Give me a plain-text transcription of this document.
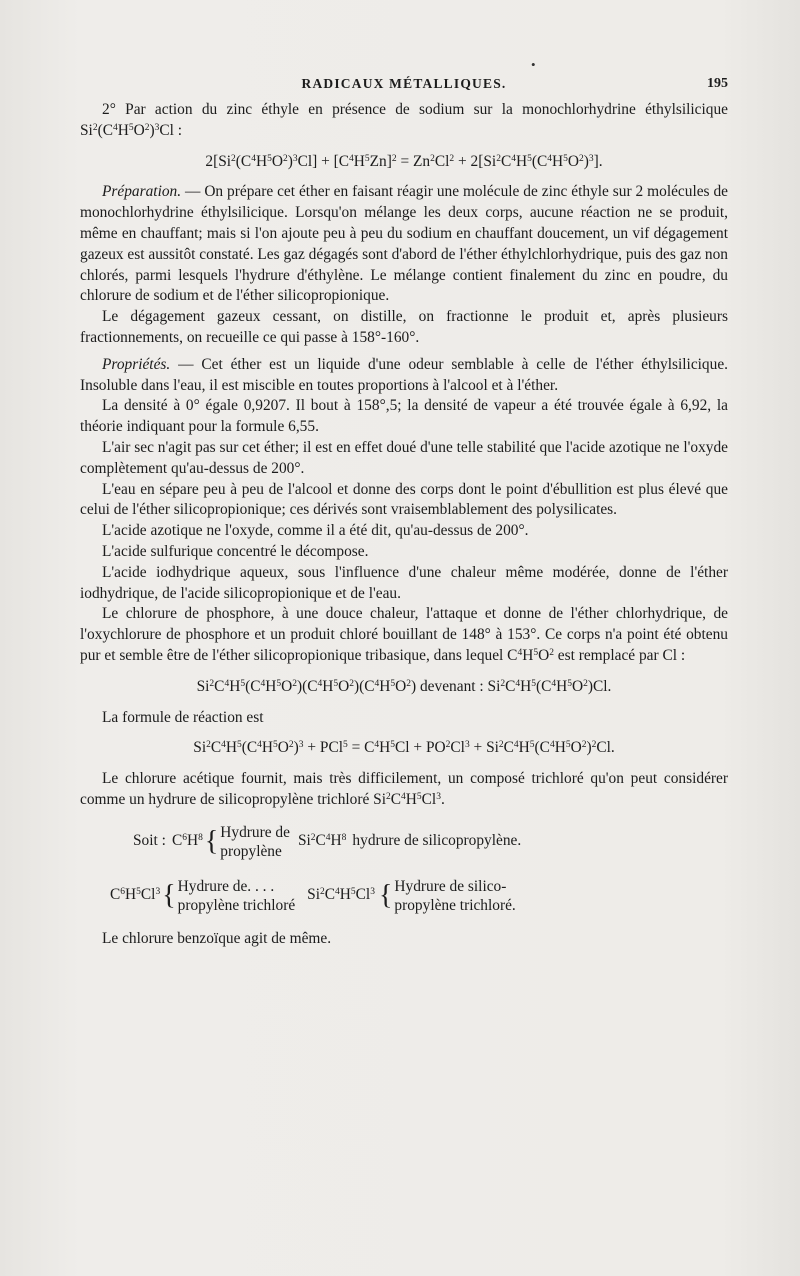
•
RADICAUX MÉTALLIQUES.	195

2° Par action du zinc éthyle en présence de sodium sur la monochlorhydrine éthylsilicique $Si^2(C^4H^5O^2)^3Cl$ :

$2[Si^2(C^4H^5O^2)^3Cl] + [C^4H^5Zn]^2 = Zn^2Cl^2 + 2[Si^2C^4H^5(C^4H^5O^2)^3]$.

Préparation. — On prépare cet éther en faisant réagir une molécule de zinc éthyle sur 2 molécules de monochlorhydrine éthylsilicique. Lorsqu'on mélange les deux corps, aucune réaction ne se produit, même en chauffant; mais si l'on ajoute peu à peu du sodium en chauffant doucement, un vif dégagement gazeux est aussitôt constaté. Les gaz dégagés sont d'abord de l'éther éthylchlorhydrique, puis des gaz non chlorés, parmi lesquels l'hydrure d'éthylène. Le mélange contient finalement du zinc en poudre, du chlorure de sodium et de l'éther silicopropionique.

Le dégagement gazeux cessant, on distille, on fractionne le produit et, après plusieurs fractionnements, on recueille ce qui passe à 158°-160°.

Propriétés. — Cet éther est un liquide d'une odeur semblable à celle de l'éther éthylsilicique. Insoluble dans l'eau, il est miscible en toutes proportions à l'alcool et à l'éther.

La densité à 0° égale 0,9207. Il bout à 158°,5; la densité de vapeur a été trouvée égale à 6,92, la théorie indiquant pour la formule 6,55.

L'air sec n'agit pas sur cet éther; il est en effet doué d'une telle stabilité que l'acide azotique ne l'oxyde complètement qu'au-dessus de 200°.

L'eau en sépare peu à peu de l'alcool et donne des corps dont le point d'ébullition est plus élevé que celui de l'éther silicopropionique; ces dérivés sont vraisemblablement des polysilicates.

L'acide azotique ne l'oxyde, comme il a été dit, qu'au-dessus de 200°.

L'acide sulfurique concentré le décompose.

L'acide iodhydrique aqueux, sous l'influence d'une chaleur même modérée, donne de l'éther iodhydrique, de l'acide silicopropionique et de l'eau.

Le chlorure de phosphore, à une douce chaleur, l'attaque et donne de l'éther chlorhydrique, de l'oxychlorure de phosphore et un produit chloré bouillant de 148° à 153°. Ce corps n'a point été obtenu pur et semble être de l'éther silicopropionique tribasique, dans lequel $C^4H^5O^2$ est remplacé par Cl :

$Si^2C^4H^5(C^4H^5O^2)(C^4H^5O^2)(C^4H^5O^2)$ devenant : $Si^2C^4H^5(C^4H^5O^2)Cl$.

La formule de réaction est

$Si^2C^4H^5(C^4H^5O^2)^3 + PCl^5 = C^4H^5Cl + PO^2Cl^3 + Si^2C^4H^5(C^4H^5O^2)^2Cl$.

Le chlorure acétique fournit, mais très difficilement, un composé trichloré qu'on peut considérer comme un hydrure de silicopropylène trichloré $Si^2C^4H^5Cl^3$.

Soit : $C^6H^8$ { Hydrure de
propylène
$Si^2C^4H^8$ hydrure de silicopropylène.
$C^6H^5Cl^3$ { Hydrure de. . . .
propylène trichloré
$Si^2C^4H^5Cl^3$ { Hydrure de silico-
propylène trichloré.

Le chlorure benzoïque agit de même.
